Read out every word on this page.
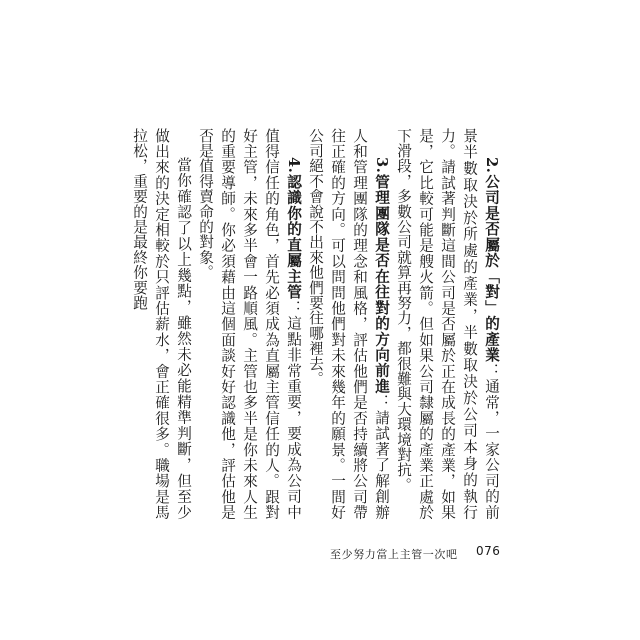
2.公司是否屬於「對」的產業：通常，一家公司的前景半數取決於所處的產業，半數取決於公司本身的執行力。請試著判斷這間公司是否屬於正在成長的產業，如果是，它比較可能是艘火箭。但如果公司隸屬的產業正處於下滑段，多數公司就算再努力，都很難與大環境對抗。

3.管理團隊是否在往對的方向前進：請試著了解創辦人和管理團隊的理念和風格，評估他們是否持續將公司帶往正確的方向。可以問問他們對未來幾年的願景。一間好公司絕不會說不出來他們要往哪裡去。

4.認識你的直屬主管：這點非常重要，要成為公司中值得信任的角色，首先必須成為直屬主管信任的人。跟對好主管，未來多半會一路順風。主管也多半是你未來人生的重要導師。你必須藉由這個面談好好認識他，評估他是否是值得賣命的對象。

當你確認了以上幾點，雖然未必能精準判斷，但至少做出來的決定相較於只評估薪水，會正確很多。職場是馬拉松，重要的是最終你要跑

至少努力當上主管一次吧 076
